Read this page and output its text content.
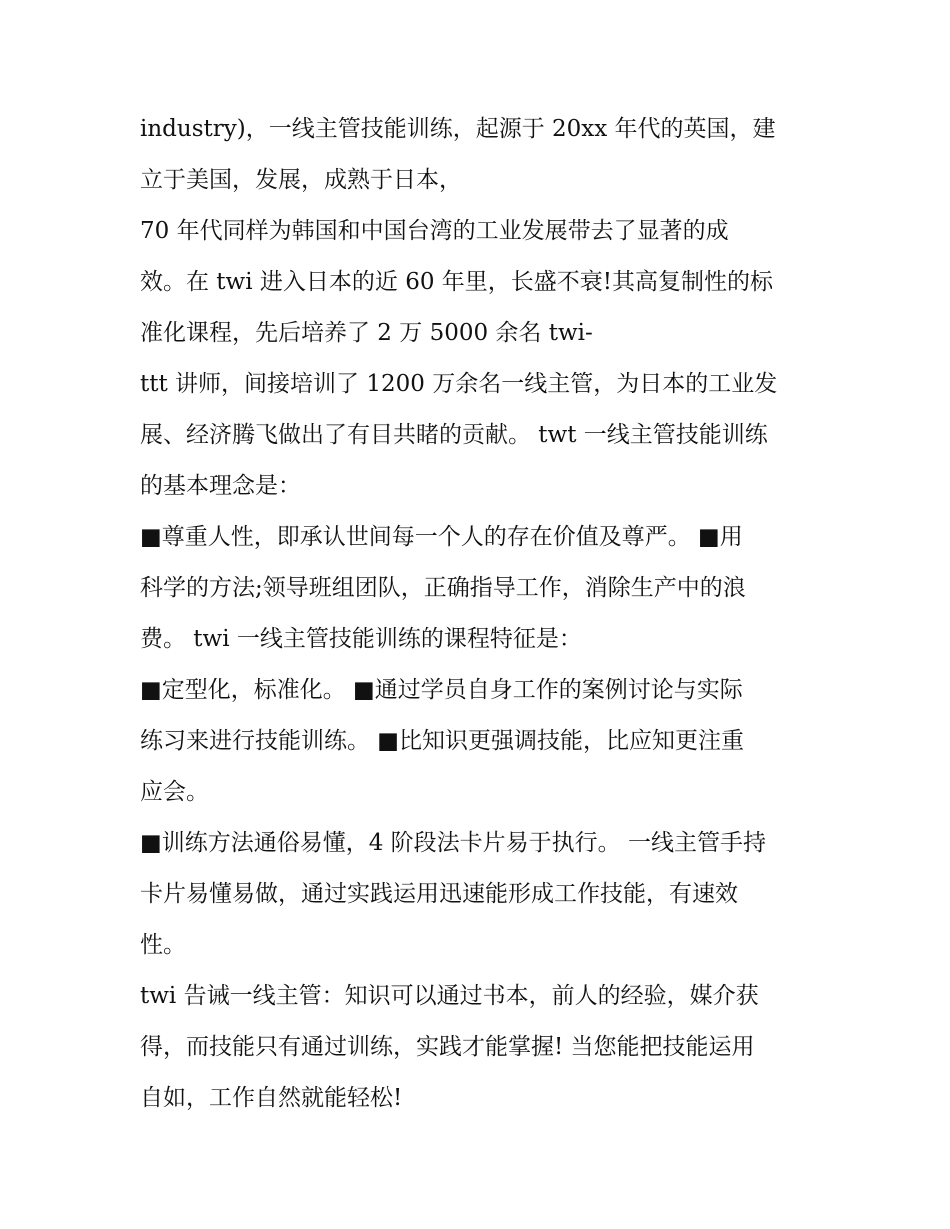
industry)，一线主管技能训练，起源于 20xx 年代的英国，建
立于美国，发展，成熟于日本，
70 年代同样为韩国和中国台湾的工业发展带去了显著的成
效。在 twi 进入日本的近 60 年里，长盛不衰!其高复制性的标
准化课程，先后培养了 2 万 5000 余名 twi-
ttt 讲师，间接培训了 1200 万余名一线主管，为日本的工业发
展、经济腾飞做出了有目共睹的贡献。 twt 一线主管技能训练
的基本理念是：
■尊重人性，即承认世间每一个人的存在价值及尊严。 ■用
科学的方法;领导班组团队，正确指导工作，消除生产中的浪
费。 twi 一线主管技能训练的课程特征是：
■定型化，标准化。 ■通过学员自身工作的案例讨论与实际
练习来进行技能训练。 ■比知识更强调技能，比应知更注重
应会。
■训练方法通俗易懂，4 阶段法卡片易于执行。 一线主管手持
卡片易懂易做，通过实践运用迅速能形成工作技能，有速效
性。
twi 告诫一线主管：知识可以通过书本，前人的经验，媒介获
得，而技能只有通过训练，实践才能掌握! 当您能把技能运用
自如，工作自然就能轻松!
